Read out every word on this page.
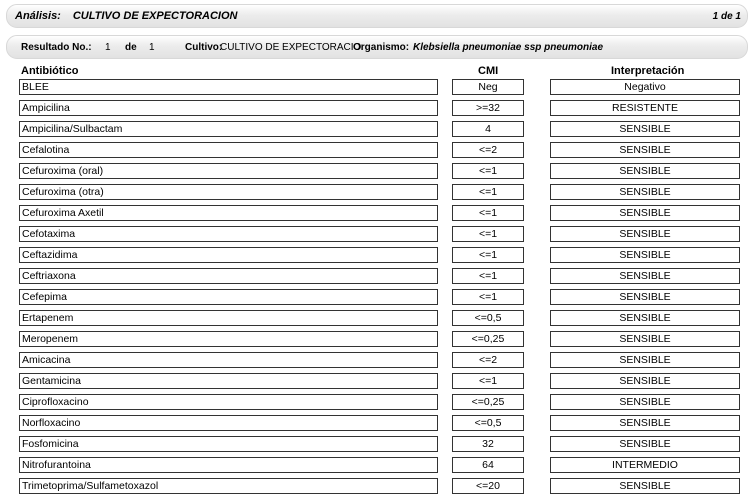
Análisis: CULTIVO DE EXPECTORACION	1 de 1
Resultado No.: 1 de 1	Cultivo:
CULTIVO DE EXPECTORACIO
Organismo: Klebsiella pneumoniae ssp pneumoniae
Antibiótico	CMI	Interpretación
BLEE	Neg	Negativo
Ampicilina	>=32	RESISTENTE
Ampicilina/Sulbactam	4	SENSIBLE
Cefalotina	<=2	SENSIBLE
Cefuroxima (oral)	<=1	SENSIBLE
Cefuroxima (otra)	<=1	SENSIBLE
Cefuroxima Axetil	<=1	SENSIBLE
Cefotaxima	<=1	SENSIBLE
Ceftazidima	<=1	SENSIBLE
Ceftriaxona	<=1	SENSIBLE
Cefepima	<=1	SENSIBLE
Ertapenem	<=0,5	SENSIBLE
Meropenem	<=0,25	SENSIBLE
Amicacina	<=2	SENSIBLE
Gentamicina	<=1	SENSIBLE
Ciprofloxacino	<=0,25	SENSIBLE
Norfloxacino	<=0,5	SENSIBLE
Fosfomicina	32	SENSIBLE
Nitrofurantoina	64	INTERMEDIO
Trimetoprima/Sulfametoxazol	<=20	SENSIBLE
